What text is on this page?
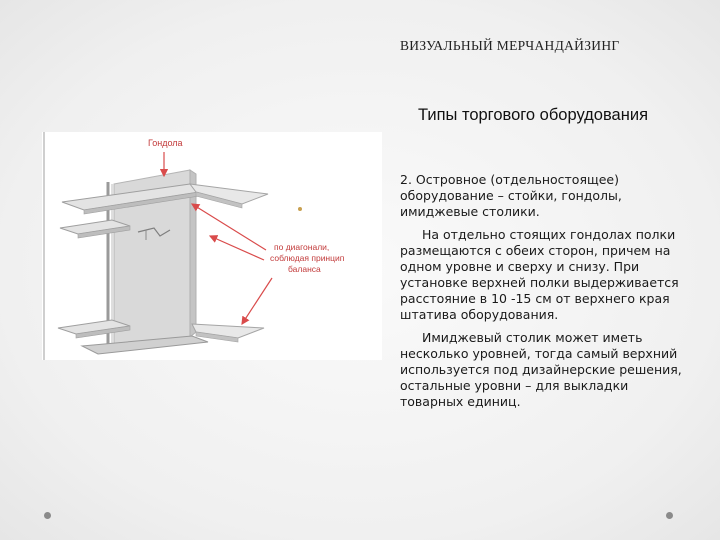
ВИЗУАЛЬНЫЙ МЕРЧАНДАЙЗИНГ
Типы торгового оборудования
Гондола
по диагонали,
соблюдая принцип
баланса

2. Островное (отдельностоящее) оборудование – стойки, гондолы, имиджевые столики.

На отдельно стоящих гондолах полки размещаются с обеих сторон, причем на одном уровне и сверху и снизу. При установке верхней полки выдерживается расстояние в 10 -15 см от верхнего края штатива оборудования.

Имиджевый столик может иметь несколько уровней, тогда самый верхний используется под дизайнерские решения, остальные уровни – для выкладки товарных единиц.
